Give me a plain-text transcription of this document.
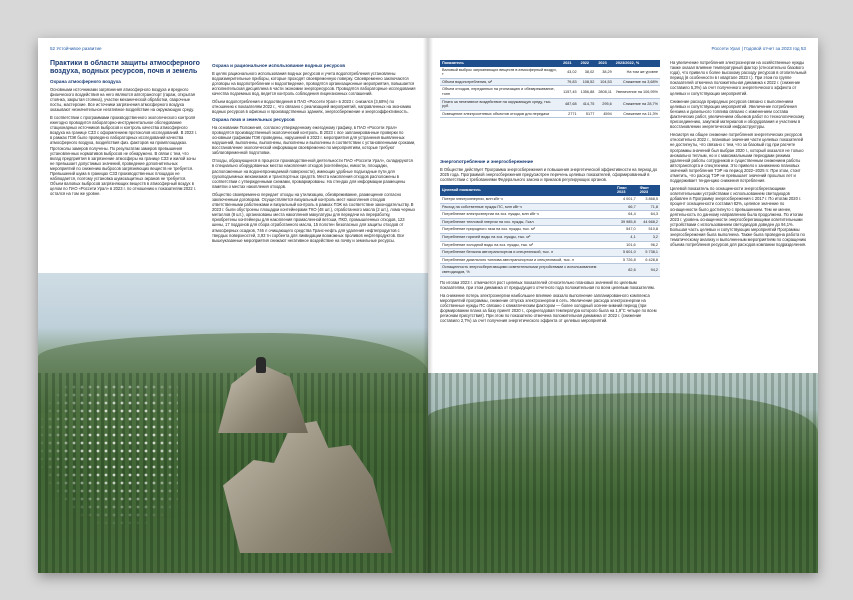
52 Устойчивое развитие
Практики в области защиты атмосферного воздуха, водных ресурсов, почв и земель
Охрана атмосферного воздуха

Основными источниками загрязнения атмосферного воздуха и вредного физического воздействия на него являются автотранспорт (гараж, открытая стоянка, закрытая стоянка), участки механической обработки, сварочные посты, мастерские. Все источники загрязнения атмосферного воздуха оказывают незначительное негативное воздействие на окружающую среду.

В соответствии с программами производственного экологического контроля ежегодно проводится лабораторно-инструментальное обследование стационарных источников выбросов и контроль качества атмосферного воздуха на границе СЗЗ с оформлением протоколов исследований. В 2023 г. в рамках ПЭК было проведено лабораторных исследований качества атмосферного воздуха, воздействия физ. факторов на промплощадках. Протоколы замеров получены. По результатам замеров превышения установленных нормативов выбросов не обнаружено. В связи с тем, что вклад предприятия в загрязнение атмосферы на границе СЗЗ и жилой зоны не превышает допустимых значений, проведение дополнительных мероприятий по снижению выбросов загрязняющих веществ не требуется. Превышений шума в границах СЗЗ производственных площадок не наблюдается, поэтому установка шумозащитных экранов не требуется. Объем валовых выбросов загрязняющих веществ в атмосферный воздух в целом по ПАО «Россети Урал» в 2023 г. по отношению к показателям 2022 г. остался на том же уровне.

Охрана и рациональное использование водных ресурсов

В целях рационального использования водных ресурсов и учета водопотребления установлены водоизмерительные приборы, которые проходят своевременную поверку. Своевременно заключаются договоры на водопотребление и водоотведение, проводятся организационные мероприятия, повышается исполнительская дисциплина в части экономии энергоресурсов. Проводятся лабораторные исследования качества подземных вод, ведется контроль соблюдения лицензионных соглашений.

Объем водопотребления и водоотведения в ПАО «Россети Урал» в 2023 г. снизился (3,68%) по отношению к показателям 2022 г., что связано с реализацией мероприятий, направленных на экономию водных ресурсов в офисных и производственных зданиях, энергосбережение и энергоэффективность.

Охрана почв и земельных ресурсов

На основании Положения, согласно утвержденному ежегодному графику, в ПАО «Россети Урал» проводятся производственный экологический контроль. В 2023 г. все запланированные проверки по основным графикам ПЭК проведены, нарушений в 2023 г. мероприятия для устранения выявленных нарушений, выполнены, выполнены, выполнены и выполнены в соответствии с установленными сроками, восстановление экологической информации своевременно по мероприятиям, которые требуют заблаговременной подготовки.

Отходы, образующиеся в процессе производственной деятельности ПАО «Россети Урал», складируются в специально оборудованных местах накопления отходов (контейнеры, емкости, площадки, расположенные на водонепроницаемой поверхности), имеющих удобные подъездные пути для грузоподъемных механизмов и транспортных средств. Места накопления отходов расположены в соответствии с утвержденными схемами, промаркированы. На стендах для информации размещены памятки о местах накопления отходов.

Общество своевременно передает отходы на утилизацию, обезвреживание, размещение согласно заключенным договорам. Осуществляется визуальный контроль мест накопления отходов ответственными работниками и визуальный контроль в рамках ПЭК на соответствие законодательству. В 2023 г. были обустроены площадки контейнерами ТКО (48 шт.), отработанного масла (2 шт.), лома черных металлов (8 шт.), организованы места накопления макулатуры для передачи на переработку, приобретены контейнеры для накопления промасленной ветоши, ПКО, промышленных отходов, 123 шины, 17 поддонов для сбора отработанного масла, 15 полотен безопасных для защиты отходов от атмосферных осадков, 746 л очищающего средства Транс-нефть для удаления нефтепродуктов с твердых поверхностей, 3,93 тн сорбента для ликвидации возможных проливов нефтепродуктов. Все вышеуказанные мероприятия снижают негативное воздействие на почву и земельные ресурсы.

Россети Урал | Годовой отчет за 2023 год 53
Показатель	2021	2022	2023	2023/2022, %
Валовый выброс загрязняющих веществ в атмосферный воздух, т	43,02	38,02	38,29	На том же уровне
Объем водопотребления, м³	79,83	108,52	104,53	Снижение на 3,68%
Объем отходов, переданных на утилизацию и обезвреживание, тонн	1157,45	1356,88	2808,11	Увеличение на 106,95%
Плата за негативное воздействие на окружающую среду, тыс. руб.	487,68	414,75	295,6	Снижение на 28,7%
Освещение электросетевых объектов отходов для передачи	2771	5177	4594	Снижение на 11,3%
Энергопотребление и энергосбережение

В Обществе действует Программа энергосбережения и повышения энергетической эффективности на период до 2025 года. Программой энергосбережения предусмотрен перечень целевых показателей, сформированный в соответствии с требованиями Федерального закона и приказов регулирующих органов.

Целевой показатель	План 2023	Факт 2023
Потери электроэнергии, млн кВт·ч	4 001,7	3 868,5
Расход на собственные нужды ПС, млн кВт·ч	66,7	71,8
Потребление электроэнергии на хоз. нужды, млн кВт·ч	64,4	64,3
Потребление тепловой энергии на хоз. нужды, Гкал	39 985,8	44 668,2
Потребление природного газа на хоз. нужды, тыс. м³	547,0	510,8
Потребление горячей воды на хоз. нужды, тыс. м³	4,1	3,2
Потребление холодной воды на хоз. нужды, тыс. м³	101,6	96,2
Потребление бензина автотранспортом и спецтехникой, тыс. л	5 601,0	5 738,1
Потребление дизельного топлива автотранспортом и спецтехникой, тыс. л	5 726,8	6 428,8
Оснащенность энергосберегающими осветительными устройствами с использованием светодиодов, %	82,6	94,2

По итогам 2023 г. отмечается рост целевых показателей относительно плановых значений по целевым показателям, при этом динамика от предыдущего отчетного года положительная по всем целевым показателям.

На снижение потерь электроэнергии наибольшее влияние оказало выполнение запланированного комплекса мероприятий программы, снижение отпуска электроэнергии в сеть. Увеличение расхода электроэнергии на собственные нужды ПС связано с климатическим фактором — более холодный осенне-зимний период (при формировании плана за базу принят 2020 г., среднегодовая температура которого была на 1,9°С четыре по всем регионам присутствия). При этом по показателю отмечена положительная динамика от 2022 г. (снижение составило 2,7%) за счет получения энергетического эффекта от целевых мероприятий.

На увеличение потребления электроэнергии на хозяйственные нужды также оказал влияние температурный фактор (относительно базового года), что привело к более высокому расходу ресурсов в отопительный период (в особенности в I квартале 2023 г.). При этом по группе показателей отмечена положительная динамика к 2022 г. (снижение составило 5,3%) за счет полученного энергетического эффекта от целевых и сопутствующих мероприятий.

Снижение расхода природных ресурсов связано с выполнением целевых и сопутствующих мероприятий. Увеличение потребления бензина и дизельного топлива связано с изменением состава фактических работ, увеличением объемов работ по технологическому присоединению, закупкой материалов и оборудования и участием в восстановлении энергетической инфраструктуры.

Несмотря на общее снижение потребления энергетических ресурсов относительно 2022 г., плановые значения части целевых показателей не достигнуты, что связано с тем, что за базовый год при расчете программы значений был выбран 2020 г., который оказался не только аномально теплым, но и с максимальными периодами режима удаленной работы сотрудников и существенным снижением работы автотранспорта и спецтехники. Это привело к занижению плановых значений потребления ТЭР на период 2022–2025 гг. При этом, стоит отметить, что расход ТЭР не превышает значений прошлых лет и поддерживает тенденцию снижения потребления.

Целевой показатель по оснащенности энергосберегающими осветительными устройствами с использованием светодиодов добавлен в Программу энергосбережения с 2017 г. По итогам 2020 г. процент оснащенности составил 82%, целевое значение по оснащенности было достигнуто с превышением. Тем не менее, деятельность по данному направлению была продолжена. По итогам 2023 г. уровень оснащенности энергосберегающими осветительными устройствами с использованием светодиодов доведен до 94,1%. Большая часть целевых и сопутствующих мероприятий Программы энергосбережения была выполнена. Также была проведена работа по тематическому анализу и выполненным мероприятиям по сокращению объема потребления ресурсов для расходов компании подразделения.
